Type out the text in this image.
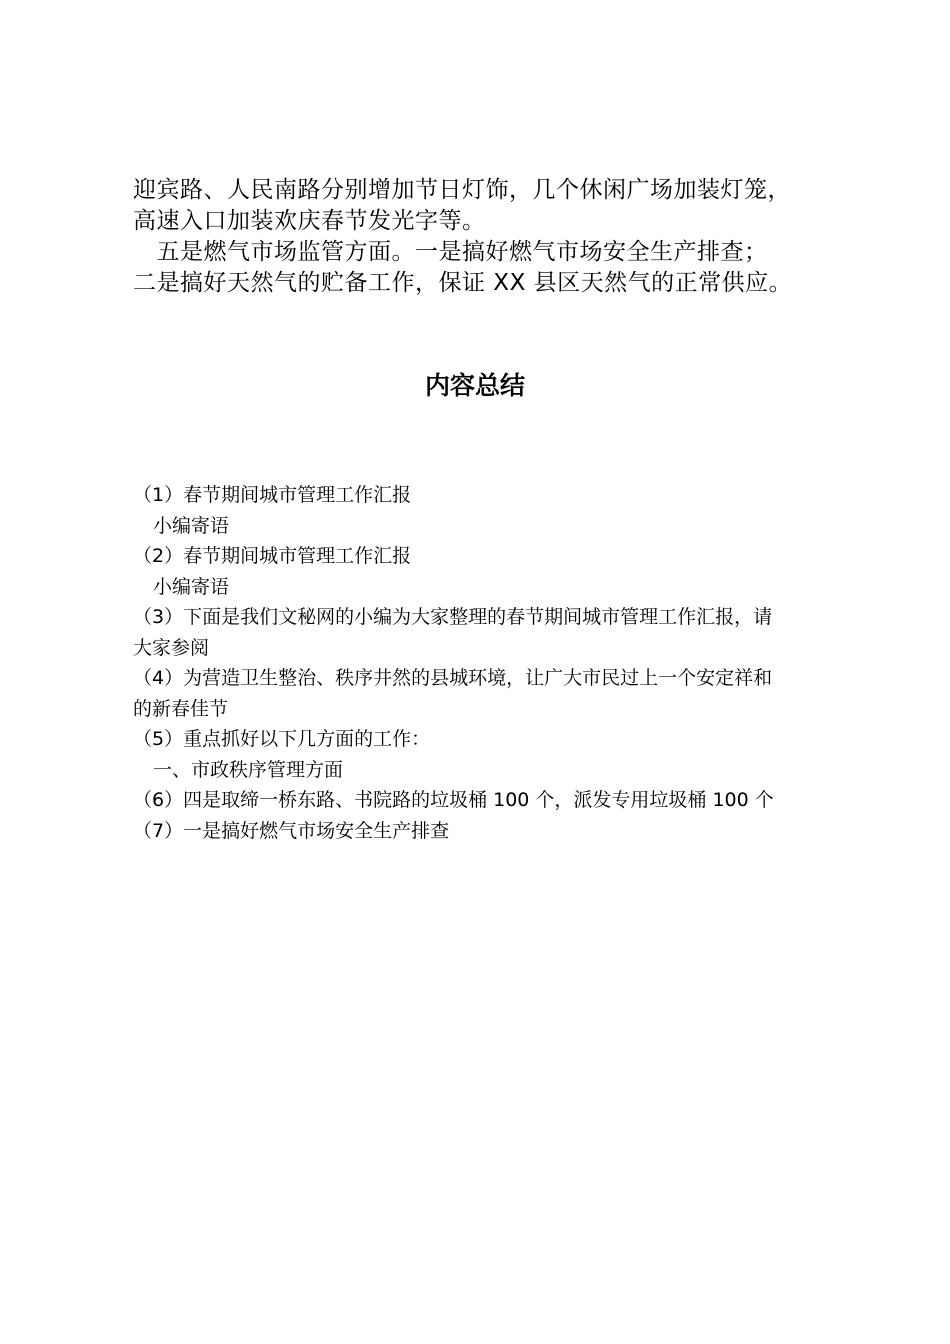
迎宾路、人民南路分别增加节日灯饰，几个休闲广场加装灯笼，

高速入口加装欢庆春节发光字等。

　五是燃气市场监管方面。一是搞好燃气市场安全生产排查；

二是搞好天然气的贮备工作，保证 XX 县区天然气的正常供应。

内容总结

（1）春节期间城市管理工作汇报

小编寄语

（2）春节期间城市管理工作汇报

小编寄语

（3）下面是我们文秘网的小编为大家整理的春节期间城市管理工作汇报，请

大家参阅

（4）为营造卫生整治、秩序井然的县城环境，让广大市民过上一个安定祥和

的新春佳节

（5）重点抓好以下几方面的工作：

一、市政秩序管理方面

（6）四是取缔一桥东路、书院路的垃圾桶 100 个，派发专用垃圾桶 100 个

（7）一是搞好燃气市场安全生产排查
